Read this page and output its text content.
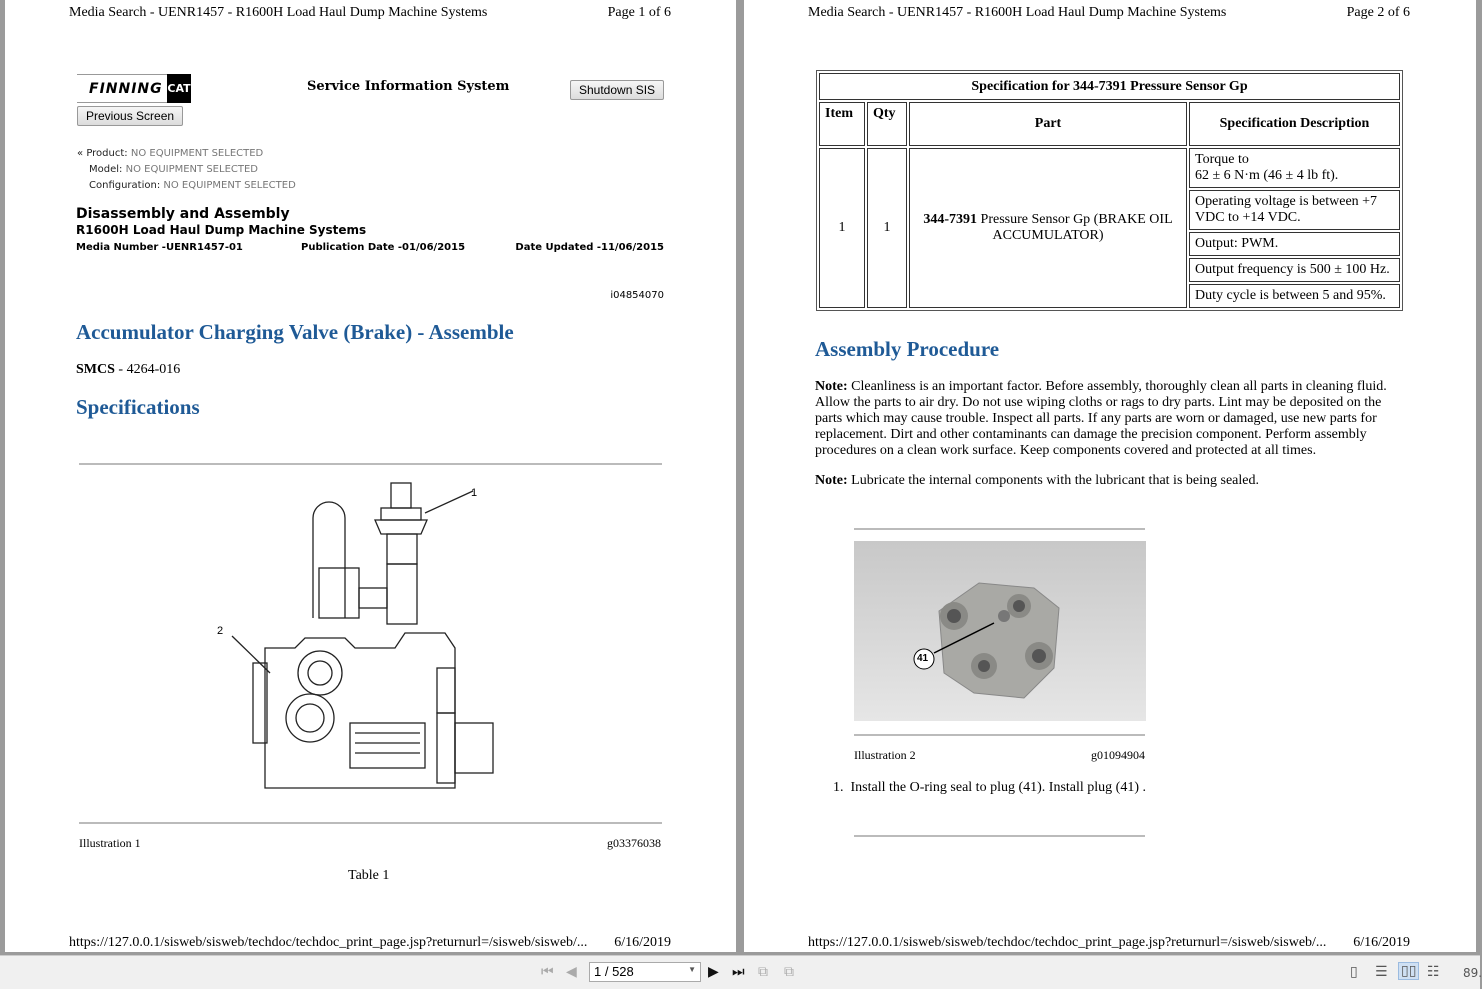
Media Search - UENR1457 - R1600H Load Haul Dump Machine Systems	Page 1 of 6
FINNING CAT	Service Information System	Shutdown SIS
Previous Screen
« Product: NO EQUIPMENT SELECTED
Model: NO EQUIPMENT SELECTED
Configuration: NO EQUIPMENT SELECTED
Disassembly and Assembly
R1600H Load Haul Dump Machine Systems
Media Number -UENR1457-01	Publication Date -01/06/2015	Date Updated -11/06/2015
i04854070
Accumulator Charging Valve (Brake) - Assemble
SMCS - 4264-016
Specifications
1
2
Illustration 1	g03376038
Table 1
https://127.0.0.1/sisweb/sisweb/techdoc/techdoc_print_page.jsp?returnurl=/sisweb/sisweb/... 6/16/2019
Media Search - UENR1457 - R1600H Load Haul Dump Machine Systems	Page 2 of 6
Specification for 344-7391 Pressure Sensor Gp			
Item	Qty	Part	Specification Description
1	1	344-7391 Pressure Sensor Gp (BRAKE OIL ACCUMULATOR)	Torque to
62 ± 6 N·m (46 ± 4 lb ft).

			Operating voltage is between +7 VDC to +14 VDC.
			Output: PWM.
			Output frequency is 500 ± 100 Hz.
			Duty cycle is between 5 and 95%.
Assembly Procedure
Note: Cleanliness is an important factor. Before assembly, thoroughly clean all parts in cleaning fluid. Allow the parts to air dry. Do not use wiping cloths or rags to dry parts. Lint may be deposited on the parts which may cause trouble. Inspect all parts. If any parts are worn or damaged, use new parts for replacement. Dirt and other contaminants can damage the precision component. Perform assembly procedures on a clean work surface. Keep components covered and protected at all times.
Note: Lubricate the internal components with the lubricant that is being sealed.
41
Illustration 2	g01094904
1. Install the O-ring seal to plug (41). Install plug (41) .
https://127.0.0.1/sisweb/sisweb/techdoc/techdoc_print_page.jsp?returnurl=/sisweb/sisweb/... 6/16/2019
⏮ ◀	1 / 528	▼ ▶ ⏭ ⧉ ⧉	▯ ☰ ▯▯ ☷ 89.
